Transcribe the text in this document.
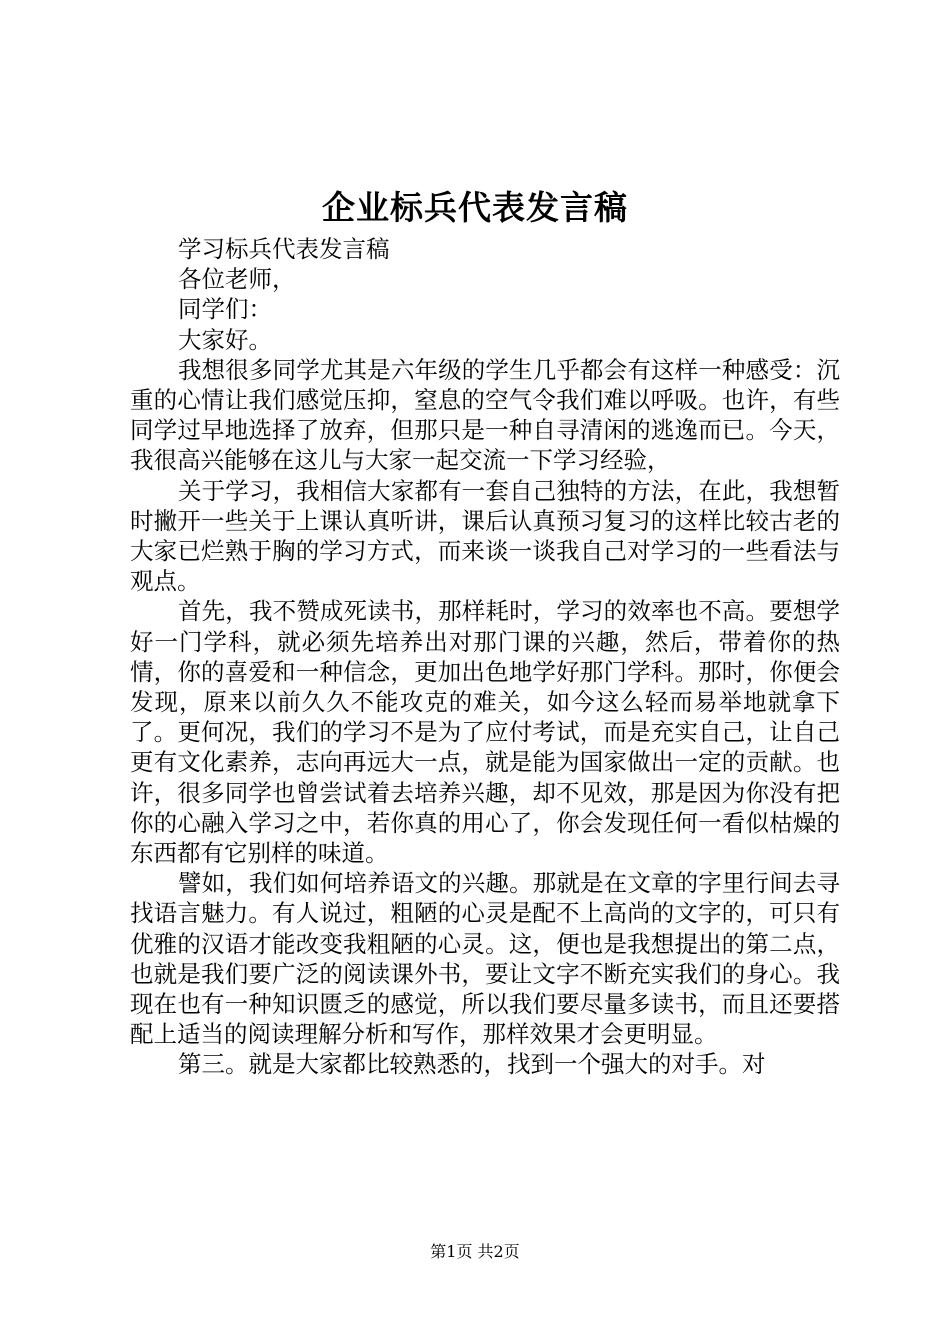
企业标兵代表发言稿

学习标兵代表发言稿

各位老师，

同学们：

大家好。

我想很多同学尤其是六年级的学生几乎都会有这样一种感受：沉重的心情让我们感觉压抑，窒息的空气令我们难以呼吸。也许，有些同学过早地选择了放弃，但那只是一种自寻清闲的逃逸而已。今天，我很高兴能够在这儿与大家一起交流一下学习经验，

关于学习，我相信大家都有一套自己独特的方法，在此，我想暂时撇开一些关于上课认真听讲，课后认真预习复习的这样比较古老的大家已烂熟于胸的学习方式，而来谈一谈我自己对学习的一些看法与观点。

首先，我不赞成死读书，那样耗时，学习的效率也不高。要想学好一门学科，就必须先培养出对那门课的兴趣，然后，带着你的热情，你的喜爱和一种信念，更加出色地学好那门学科。那时，你便会发现，原来以前久久不能攻克的难关，如今这么轻而易举地就拿下了。更何况，我们的学习不是为了应付考试，而是充实自己，让自己更有文化素养，志向再远大一点，就是能为国家做出一定的贡献。也许，很多同学也曾尝试着去培养兴趣，却不见效，那是因为你没有把你的心融入学习之中，若你真的用心了，你会发现任何一看似枯燥的东西都有它别样的味道。

譬如，我们如何培养语文的兴趣。那就是在文章的字里行间去寻找语言魅力。有人说过，粗陋的心灵是配不上高尚的文字的，可只有优雅的汉语才能改变我粗陋的心灵。这，便也是我想提出的第二点，也就是我们要广泛的阅读课外书，要让文字不断充实我们的身心。我现在也有一种知识匮乏的感觉，所以我们要尽量多读书，而且还要搭配上适当的阅读理解分析和写作，那样效果才会更明显。

第三。就是大家都比较熟悉的，找到一个强大的对手。对

第1页 共2页
